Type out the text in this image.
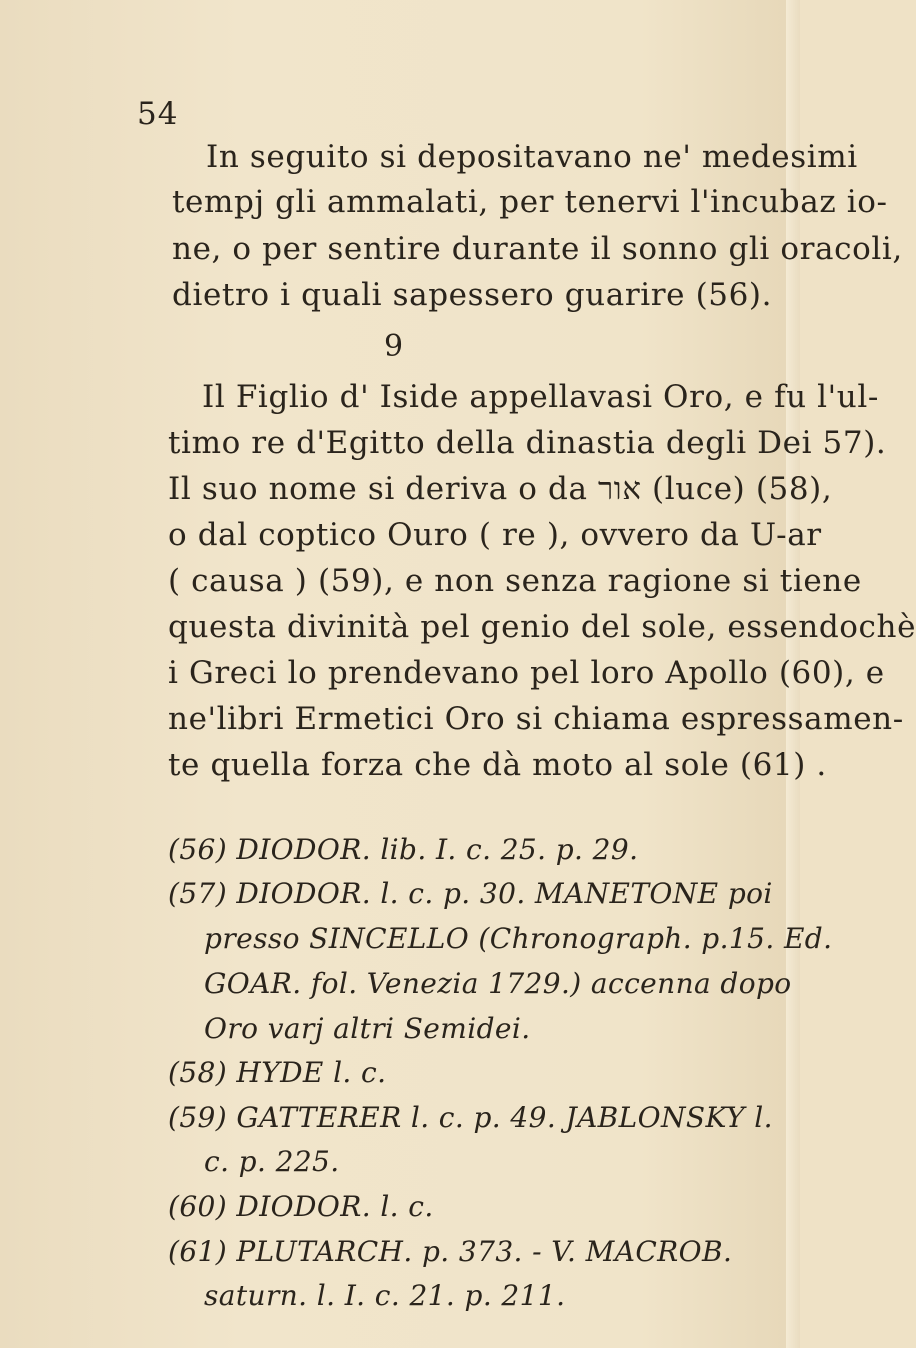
54
In seguito si depositavano ne' medesimi
tempj gli ammalati, per tenervi l'incubaz io-
ne, o per sentire durante il sonno gli oracoli,
dietro i quali sapessero guarire (56).
9
Il Figlio d' Iside appellavasi Oro, e fu l'ul-
timo re d'Egitto della dinastia degli Dei 57).
Il suo nome si deriva o da אור (luce) (58),
o dal coptico Ouro ( re ), ovvero da U-ar
( causa ) (59), e non senza ragione si tiene
questa divinità pel genio del sole, essendochè
i Greci lo prendevano pel loro Apollo (60), e
ne'libri Ermetici Oro si chiama espressamen-
te quella forza che dà moto al sole (61) .
(56) DIODOR. lib. I. c. 25. p. 29.
(57) DIODOR. l. c. p. 30. MANETONE poi
presso SINCELLO (Chronograph. p.15. Ed.
GOAR. fol. Venezia 1729.) accenna dopo
Oro varj altri Semidei.
(58) HYDE l. c.
(59) GATTERER l. c. p. 49. JABLONSKY l.
c. p. 225.
(60) DIODOR. l. c.
(61) PLUTARCH. p. 373. - V. MACROB.
saturn. l. I. c. 21. p. 211.
